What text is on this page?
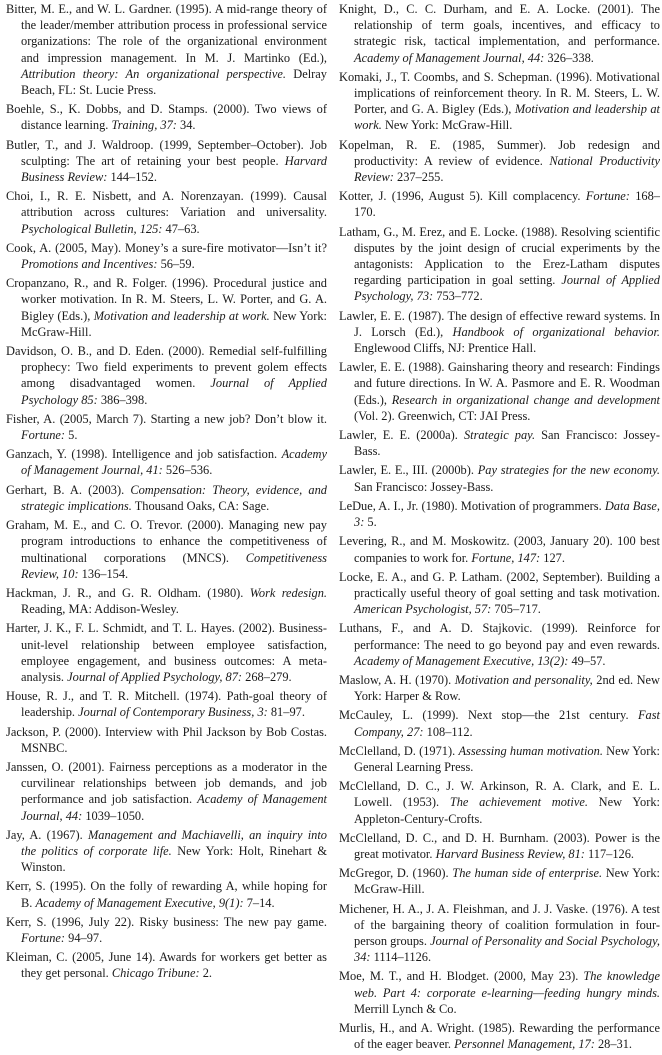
Bitter, M. E., and W. L. Gardner. (1995). A mid-range theory of the leader/member attribution process in professional service organizations: The role of the organizational environment and impression management. In M. J. Martinko (Ed.), Attribution theory: An organizational perspective. Delray Beach, FL: St. Lucie Press.

Boehle, S., K. Dobbs, and D. Stamps. (2000). Two views of distance learning. Training, 37: 34.

Butler, T., and J. Waldroop. (1999, September–October). Job sculpting: The art of retaining your best people. Harvard Business Review: 144–152.

Choi, I., R. E. Nisbett, and A. Norenzayan. (1999). Causal attribution across cultures: Variation and universality. Psychological Bulletin, 125: 47–63.

Cook, A. (2005, May). Money’s a sure-fire motivator—Isn’t it? Promotions and Incentives: 56–59.

Cropanzano, R., and R. Folger. (1996). Procedural justice and worker motivation. In R. M. Steers, L. W. Porter, and G. A. Bigley (Eds.), Motivation and leadership at work. New York: McGraw-Hill.

Davidson, O. B., and D. Eden. (2000). Remedial self-fulfilling prophecy: Two field experiments to prevent golem effects among disadvantaged women. Journal of Applied Psychology 85: 386–398.

Fisher, A. (2005, March 7). Starting a new job? Don’t blow it. Fortune: 5.

Ganzach, Y. (1998). Intelligence and job satisfaction. Academy of Management Journal, 41: 526–536.

Gerhart, B. A. (2003). Compensation: Theory, evidence, and strategic implications. Thousand Oaks, CA: Sage.

Graham, M. E., and C. O. Trevor. (2000). Managing new pay program introductions to enhance the competitiveness of multinational corporations (MNCS). Competitiveness Review, 10: 136–154.

Hackman, J. R., and G. R. Oldham. (1980). Work redesign. Reading, MA: Addison-Wesley.

Harter, J. K., F. L. Schmidt, and T. L. Hayes. (2002). Business-unit-level relationship between employee satisfaction, employee engagement, and business outcomes: A meta-analysis. Journal of Applied Psychology, 87: 268–279.

House, R. J., and T. R. Mitchell. (1974). Path-goal theory of leadership. Journal of Contemporary Business, 3: 81–97.

Jackson, P. (2000). Interview with Phil Jackson by Bob Costas. MSNBC.

Janssen, O. (2001). Fairness perceptions as a moderator in the curvilinear relationships between job demands, and job performance and job satisfaction. Academy of Management Journal, 44: 1039–1050.

Jay, A. (1967). Management and Machiavelli, an inquiry into the politics of corporate life. New York: Holt, Rinehart & Winston.

Kerr, S. (1995). On the folly of rewarding A, while hoping for B. Academy of Management Executive, 9(1): 7–14.

Kerr, S. (1996, July 22). Risky business: The new pay game. Fortune: 94–97.

Kleiman, C. (2005, June 14). Awards for workers get better as they get personal. Chicago Tribune: 2.

Knight, D., C. C. Durham, and E. A. Locke. (2001). The relationship of term goals, incentives, and efficacy to strategic risk, tactical implementation, and performance. Academy of Management Journal, 44: 326–338.

Komaki, J., T. Coombs, and S. Schepman. (1996). Motivational implications of reinforcement theory. In R. M. Steers, L. W. Porter, and G. A. Bigley (Eds.), Motivation and leadership at work. New York: McGraw-Hill.

Kopelman, R. E. (1985, Summer). Job redesign and productivity: A review of evidence. National Productivity Review: 237–255.

Kotter, J. (1996, August 5). Kill complacency. Fortune: 168–170.

Latham, G., M. Erez, and E. Locke. (1988). Resolving scientific disputes by the joint design of crucial experiments by the antagonists: Application to the Erez-Latham disputes regarding participation in goal setting. Journal of Applied Psychology, 73: 753–772.

Lawler, E. E. (1987). The design of effective reward systems. In J. Lorsch (Ed.), Handbook of organizational behavior. Englewood Cliffs, NJ: Prentice Hall.

Lawler, E. E. (1988). Gainsharing theory and research: Findings and future directions. In W. A. Pasmore and E. R. Woodman (Eds.), Research in organizational change and development (Vol. 2). Greenwich, CT: JAI Press.

Lawler, E. E. (2000a). Strategic pay. San Francisco: Jossey-Bass.

Lawler, E. E., III. (2000b). Pay strategies for the new economy. San Francisco: Jossey-Bass.

LeDue, A. I., Jr. (1980). Motivation of programmers. Data Base, 3: 5.

Levering, R., and M. Moskowitz. (2003, January 20). 100 best companies to work for. Fortune, 147: 127.

Locke, E. A., and G. P. Latham. (2002, September). Building a practically useful theory of goal setting and task motivation. American Psychologist, 57: 705–717.

Luthans, F., and A. D. Stajkovic. (1999). Reinforce for performance: The need to go beyond pay and even rewards. Academy of Management Executive, 13(2): 49–57.

Maslow, A. H. (1970). Motivation and personality, 2nd ed. New York: Harper & Row.

McCauley, L. (1999). Next stop—the 21st century. Fast Company, 27: 108–112.

McClelland, D. (1971). Assessing human motivation. New York: General Learning Press.

McClelland, D. C., J. W. Arkinson, R. A. Clark, and E. L. Lowell. (1953). The achievement motive. New York: Appleton-Century-Crofts.

McClelland, D. C., and D. H. Burnham. (2003). Power is the great motivator. Harvard Business Review, 81: 117–126.

McGregor, D. (1960). The human side of enterprise. New York: McGraw-Hill.

Michener, H. A., J. A. Fleishman, and J. J. Vaske. (1976). A test of the bargaining theory of coalition formulation in four-person groups. Journal of Personality and Social Psychology, 34: 1114–1126.

Moe, M. T., and H. Blodget. (2000, May 23). The knowledge web. Part 4: corporate e-learning—feeding hungry minds. Merrill Lynch & Co.

Murlis, H., and A. Wright. (1985). Rewarding the performance of the eager beaver. Personnel Management, 17: 28–31.
